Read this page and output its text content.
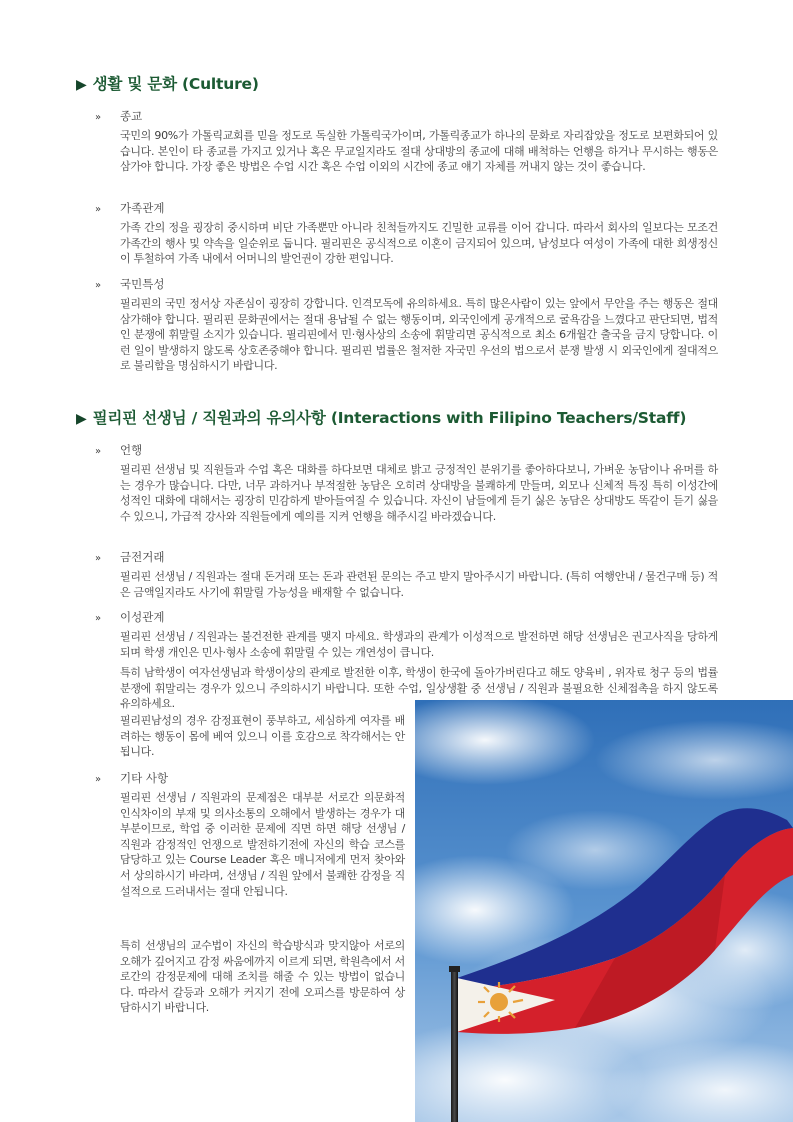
▶ 생활 및 문화 (Culture)
» 종교

국민의 90%가 가톨릭교회를 믿을 정도로 독실한 가톨릭국가이며, 가톨릭종교가 하나의 문화로 자리잡았을 정도로 보편화되어 있습니다. 본인이 타 종교를 가지고 있거나 혹은 무교일지라도 절대 상대방의 종교에 대해 배척하는 언행을 하거나 무시하는 행동은 삼가야 합니다. 가장 좋은 방법은 수업 시간 혹은 수업 이외의 시간에 종교 얘기 자체를 꺼내지 않는 것이 좋습니다.

» 가족관계

가족 간의 정을 굉장히 중시하며 비단 가족뿐만 아니라 친척들까지도 긴밀한 교류를 이어 갑니다. 따라서 회사의 일보다는 모조건 가족간의 행사 및 약속을 일순위로 둡니다. 필리핀은 공식적으로 이혼이 금지되어 있으며, 남성보다 여성이 가족에 대한 희생정신이 투철하여 가족 내에서 어머니의 발언권이 강한 편입니다.

» 국민특성

필리핀의 국민 정서상 자존심이 굉장히 강합니다. 인격모독에 유의하세요. 특히 많은사람이 있는 앞에서 무안을 주는 행동은 절대 삼가해야 합니다. 필리핀 문화권에서는 절대 용납될 수 없는 행동이며, 외국인에게 공개적으로 굴욕감을 느꼈다고 판단되면, 법적인 분쟁에 휘말릴 소지가 있습니다. 필리핀에서 민·형사상의 소송에 휘말리면 공식적으로 최소 6개월간 출국을 금지 당합니다. 이런 일이 발생하지 않도록 상호존중해야 합니다. 필리핀 법률은 철저한 자국민 우선의 법으로서 분쟁 발생 시 외국인에게 절대적으로 불리함을 명심하시기 바랍니다.

▶ 필리핀 선생님 / 직원과의 유의사항 (Interactions with Filipino Teachers/Staff)
» 언행

필리핀 선생님 및 직원들과 수업 혹은 대화를 하다보면 대체로 밝고 긍정적인 분위기를 좋아하다보니, 가벼운 농담이나 유머를 하는 경우가 많습니다. 다만, 너무 과하거나 부적절한 농담은 오히려 상대방을 불쾌하게 만들며, 외모나 신체적 특징 특히 이성간에 성적인 대화에 대해서는 굉장히 민감하게 받아들여질 수 있습니다. 자신이 남들에게 듣기 싫은 농담은 상대방도 똑같이 듣기 싫을 수 있으니, 가급적 강사와 직원들에게 예의를 지켜 언행을 해주시길 바라겠습니다.

» 금전거래

필리핀 선생님 / 직원과는 절대 돈거래 또는 돈과 관련된 문의는 주고 받지 말아주시기 바랍니다. (특히 여행안내 / 물건구매 등) 적은 금액일지라도 사기에 휘말릴 가능성을 배재할 수 없습니다.

» 이성관계

필리핀 선생님 / 직원과는 불건전한 관계를 맺지 마세요. 학생과의 관계가 이성적으로 발전하면 해당 선생님은 권고사직을 당하게 되며 학생 개인은 민사·형사 소송에 휘말릴 수 있는 개연성이 큽니다.

특히 남학생이 여자선생님과 학생이상의 관계로 발전한 이후, 학생이 한국에 돌아가버린다고 해도 양육비 , 위자료 청구 등의 법률 분쟁에 휘말리는 경우가 있으니 주의하시기 바랍니다. 또한 수업, 일상생활 중 선생님 / 직원과 불필요한 신체접촉을 하지 않도록 유의하세요.

필리핀남성의 경우 감정표현이 풍부하고, 세심하게 여자를 배려하는 행동이 몸에 베여 있으니 이를 호감으로 착각해서는 안됩니다.

» 기타 사항

필리핀 선생님 / 직원과의 문제점은 대부분 서로간 의문화적 인식차이의 부재 및 의사소통의 오해에서 발생하는 경우가 대부분이므로, 학업 중 이러한 문제에 직면 하면 해당 선생님 / 직원과 감정적인 언쟁으로 발전하기전에 자신의 학습 코스를 담당하고 있는 Course Leader 혹은 매니저에게 먼저 찾아와서 상의하시기 바라며, 선생님 / 직원 앞에서 불쾌한 감정을 직설적으로 드러내서는 절대 안됩니다.

특히 선생님의 교수법이 자신의 학습방식과 맞지않아 서로의 오해가 깊어지고 감정 싸움에까지 이르게 되면, 학원측에서 서로간의 감정문제에 대해 조치를 해줄 수 있는 방법이 없습니다. 따라서 갈등과 오해가 커지기 전에 오피스를 방문하여 상담하시기 바랍니다.
